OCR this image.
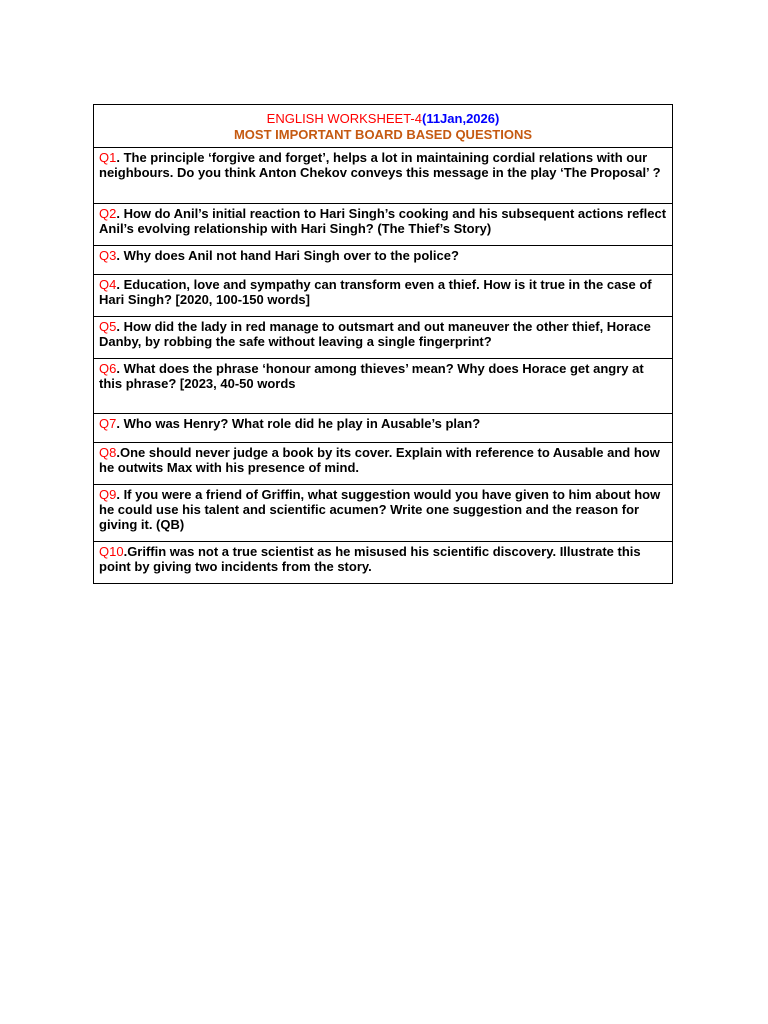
ENGLISH WORKSHEET-4(11Jan,2026)
MOST IMPORTANT BOARD BASED QUESTIONS

Q1. The principle ‘forgive and forget’, helps a lot in maintaining cordial relations with our neighbours. Do you think Anton Chekov conveys this message in the play ‘The Proposal’ ?
Q2. How do Anil’s initial reaction to Hari Singh’s cooking and his subsequent actions reflect Anil’s evolving relationship with Hari Singh? (The Thief’s Story)
Q3. Why does Anil not hand Hari Singh over to the police?
Q4. Education, love and sympathy can transform even a thief. How is it true in the case of Hari Singh? [2020, 100-150 words]
Q5. How did the lady in red manage to outsmart and out maneuver the other thief, Horace Danby, by robbing the safe without leaving a single fingerprint?
Q6. What does the phrase ‘honour among thieves’ mean? Why does Horace get angry at this phrase? [2023, 40-50 words
Q7. Who was Henry? What role did he play in Ausable’s plan?
Q8.One should never judge a book by its cover. Explain with reference to Ausable and how he outwits Max with his presence of mind.
Q9. If you were a friend of Griffin, what suggestion would you have given to him about how he could use his talent and scientific acumen? Write one suggestion and the reason for giving it. (QB)
Q10.Griffin was not a true scientist as he misused his scientific discovery. Illustrate this point by giving two incidents from the story.
